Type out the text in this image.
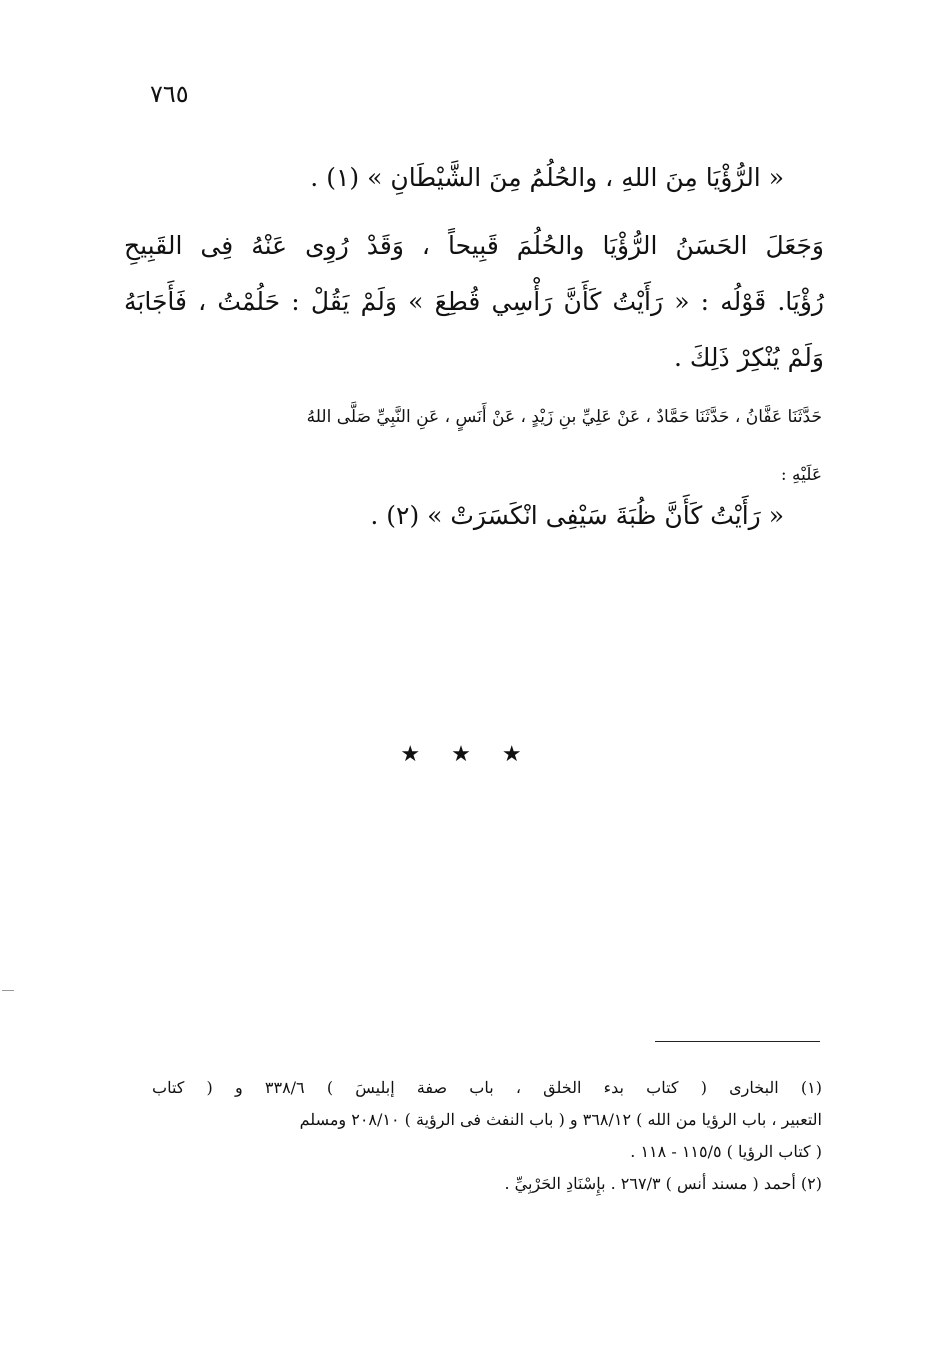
٧٦٥
« الرُّؤْيَا مِنَ اللهِ ، والحُلُمُ مِنَ الشَّيْطَانِ » (١) .
وَجَعَلَ الحَسَنُ الرُّؤْيَا والحُلُمَ قَبِيحاً ، وَقَدْ رُوِى عَنْهُ فِى القَبِيحِ
رُؤْيَا. قَوْلُه : « رَأَيْتُ كَأَنَّ رَأْسِي قُطِعَ » وَلَمْ يَقُلْ : حَلُمْتُ ، فَأَجَابَهُ
وَلَمْ يُنْكِرْ ذَلِكَ .
حَدَّثَنَا عَفَّانُ ، حَدَّثَنَا حَمَّادٌ ، عَنْ عَلِيِّ بنِ زَيْدٍ ، عَنْ أَنَسٍ ، عَنِ النَّبِيِّ صَلَّى اللهُ
عَلَيْهِ :
« رَأَيْتُ كَأَنَّ ظُبَةَ سَيْفِى انْكَسَرَتْ » (٢) .
★ ★ ★
(١) البخارى ( كتاب بدء الخلق ، باب صفة إبليسَ ) ٣٣٨/٦ و ( كتاب
التعبير ، باب الرؤيا من الله ) ٣٦٨/١٢ و ( باب النفث فى الرؤية ) ٢٠٨/١٠ ومسلم
( كتاب الرؤيا ) ١١٥/٥ - ١١٨ .
(٢) أحمد ( مسند أنس ) ٢٦٧/٣ . بإِسْنَادِ الحَرْبِيِّ .
